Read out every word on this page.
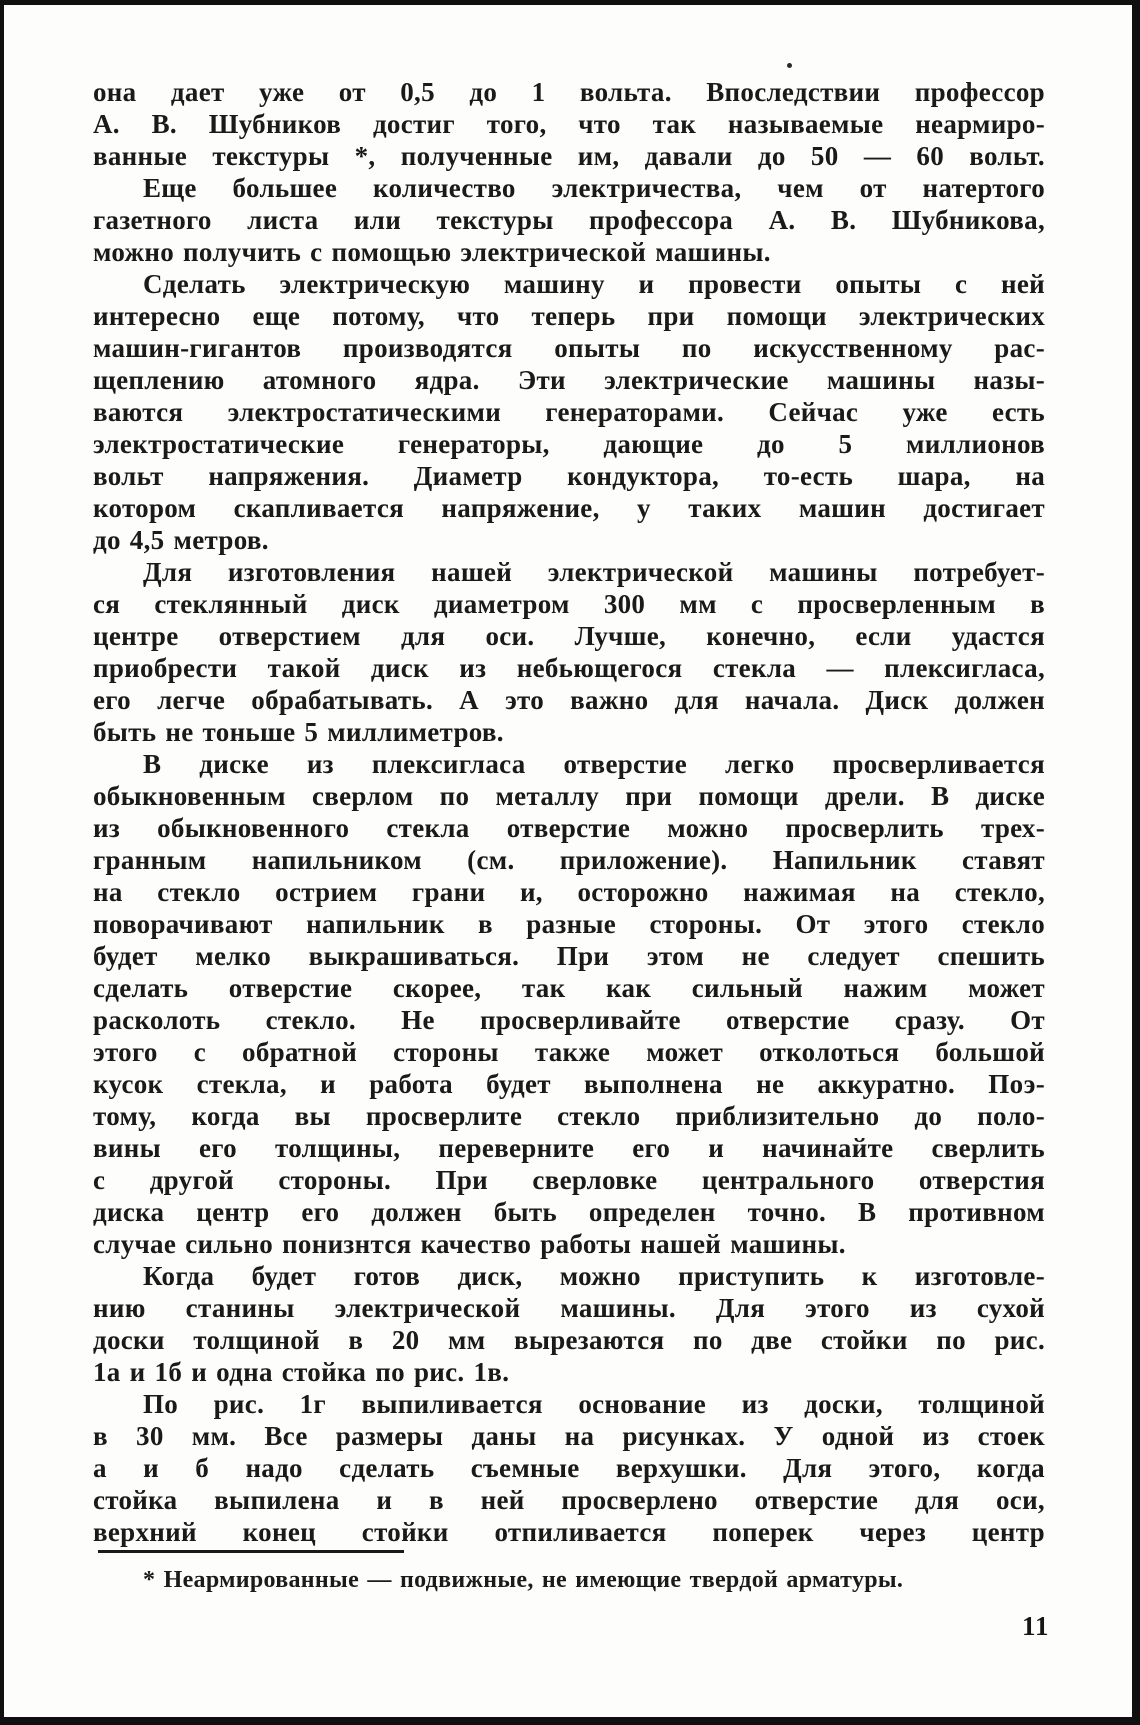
она дает уже от 0,5 до 1 вольта. Впоследствии профессор
А. В. Шубников достиг того, что так называемые неармиро-
ванные текстуры *, полученные им, давали до 50 — 60 вольт.
Еще большее количество электричества, чем от натертого
газетного листа или текстуры профессора А. В. Шубникова,
можно получить с помощью электрической машины.
Сделать электрическую машину и провести опыты с ней
интересно еще потому, что теперь при помощи электрических
машин-гигантов производятся опыты по искусственному рас-
щеплению атомного ядра. Эти электрические машины назы-
ваются электростатическими генераторами. Сейчас уже есть
электростатические генераторы, дающие до 5 миллионов
вольт напряжения. Диаметр кондуктора, то-есть шара, на
котором скапливается напряжение, у таких машин достигает
до 4,5 метров.
Для изготовления нашей электрической машины потребует-
ся стеклянный диск диаметром 300 мм с просверленным в
центре отверстием для оси. Лучше, конечно, если удастся
приобрести такой диск из небьющегося стекла — плексигласа,
его легче обрабатывать. А это важно для начала. Диск должен
быть не тоньше 5 миллиметров.
В диске из плексигласа отверстие легко просверливается
обыкновенным сверлом по металлу при помощи дрели. В диске
из обыкновенного стекла отверстие можно просверлить трех-
гранным напильником (см. приложение). Напильник ставят
на стекло острием грани и, осторожно нажимая на стекло,
поворачивают напильник в разные стороны. От этого стекло
будет мелко выкрашиваться. При этом не следует спешить
сделать отверстие скорее, так как сильный нажим может
расколоть стекло. Не просверливайте отверстие сразу. От
этого с обратной стороны также может отколоться большой
кусок стекла, и работа будет выполнена не аккуратно. Поэ-
тому, когда вы просверлите стекло приблизительно до поло-
вины его толщины, переверните его и начинайте сверлить
с другой стороны. При сверловке центрального отверстия
диска центр его должен быть определен точно. В противном
случае сильно понизнтся качество работы нашей машины.
Когда будет готов диск, можно приступить к изготовле-
нию станины электрической машины. Для этого из сухой
доски толщиной в 20 мм вырезаются по две стойки по рис.
1а и 1б и одна стойка по рис. 1в.
По рис. 1г выпиливается основание из доски, толщиной
в 30 мм. Все размеры даны на рисунках. У одной из стоек
а и б надо сделать съемные верхушки. Для этого, когда
стойка выпилена и в ней просверлено отверстие для оси,
верхний конец стойки отпиливается поперек через центр
* Неармированные — подвижные, не имеющие твердой арматуры.
11
